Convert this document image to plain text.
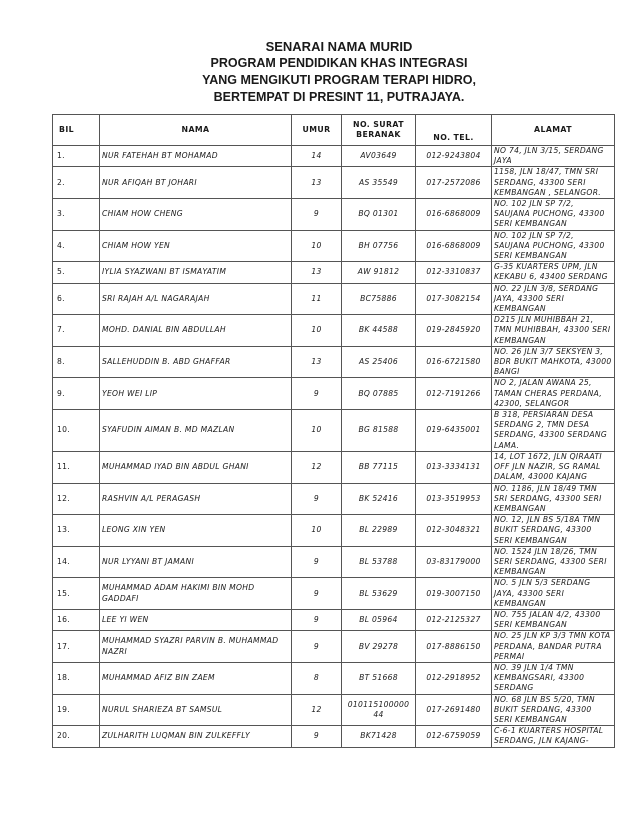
SENARAI NAMA MURID
PROGRAM PENDIDIKAN KHAS INTEGRASI
YANG MENGIKUTI PROGRAM TERAPI HIDRO,
BERTEMPAT DI PRESINT 11, PUTRAJAYA.
BIL	NAMA	UMUR	NO. SURAT BERANAK	NO. TEL.	ALAMAT
1.	NUR FATEHAH BT MOHAMAD	14	AV03649	012-9243804	NO 74, JLN 3/15, SERDANG JAYA
2.	NUR AFIQAH BT JOHARI	13	AS 35549	017-2572086	1158, JLN 18/47, TMN SRI SERDANG, 43300 SERI KEMBANGAN , SELANGOR.
3.	CHIAM HOW CHENG	9	BQ 01301	016-6868009	NO. 102 JLN SP 7/2, SAUJANA PUCHONG, 43300 SERI KEMBANGAN
4.	CHIAM HOW YEN	10	BH 07756	016-6868009	NO. 102 JLN SP 7/2, SAUJANA PUCHONG, 43300 SERI KEMBANGAN
5.	IYLIA SYAZWANI BT ISMAYATIM	13	AW 91812	012-3310837	G-35 KUARTERS UPM, JLN KEKABU 6, 43400 SERDANG
6.	SRI RAJAH A/L NAGARAJAH	11	BC75886	017-3082154	NO. 22 JLN 3/8, SERDANG JAYA, 43300 SERI KEMBANGAN
7.	MOHD. DANIAL BIN ABDULLAH	10	BK 44588	019-2845920	D215 JLN MUHIBBAH 21, TMN MUHIBBAH, 43300 SERI KEMBANGAN
8.	SALLEHUDDIN B. ABD GHAFFAR	13	AS 25406	016-6721580	NO. 26 JLN 3/7 SEKSYEN 3, BDR BUKIT MAHKOTA, 43000 BANGI
9.	YEOH WEI LIP	9	BQ 07885	012-7191266	NO 2, JALAN AWANA 25, TAMAN CHERAS PERDANA, 42300, SELANGOR
10.	SYAFUDIN AIMAN B. MD MAZLAN	10	BG 81588	019-6435001	B 318, PERSIARAN DESA SERDANG 2, TMN DESA SERDANG, 43300 SERDANG LAMA.
11.	MUHAMMAD IYAD BIN ABDUL GHANI	12	BB 77115	013-3334131	14, LOT 1672, JLN QIRAATI OFF JLN NAZIR, SG RAMAL DALAM, 43000 KAJANG
12.	RASHVIN A/L PERAGASH	9	BK 52416	013-3519953	NO. 1186, JLN 18/49 TMN SRI SERDANG, 43300 SERI KEMBANGAN
13.	LEONG XIN YEN	10	BL 22989	012-3048321	NO. 12, JLN BS 5/18A TMN BUKIT SERDANG, 43300 SERI KEMBANGAN
14.	NUR LYYANI BT JAMANI	9	BL 53788	03-83179000	NO. 1524 JLN 18/26, TMN SERI SERDANG, 43300 SERI KEMBANGAN
15.	MUHAMMAD ADAM HAKIMI BIN MOHD GADDAFI	9	BL 53629	019-3007150	NO. 5 JLN 5/3 SERDANG JAYA, 43300 SERI KEMBANGAN
16.	LEE YI WEN	9	BL 05964	012-2125327	NO. 755 JALAN 4/2, 43300 SERI KEMBANGAN
17.	MUHAMMAD SYAZRI PARVIN B. MUHAMMAD NAZRI	9	BV 29278	017-8886150	NO. 25 JLN KP 3/3 TMN KOTA PERDANA, BANDAR PUTRA PERMAI
18.	MUHAMMAD AFIZ BIN ZAEM	8	BT 51668	012-2918952	NO. 39 JLN 1/4 TMN KEMBANGSARI, 43300 SERDANG
19.	NURUL SHARIEZA BT SAMSUL	12	010115100000 44	017-2691480	NO. 68 JLN BS 5/20, TMN BUKIT SERDANG, 43300 SERI KEMBANGAN
20.	ZULHARITH LUQMAN BIN ZULKEFFLY	9	BK71428	012-6759059	C-6-1 KUARTERS HOSPITAL SERDANG, JLN KAJANG-
